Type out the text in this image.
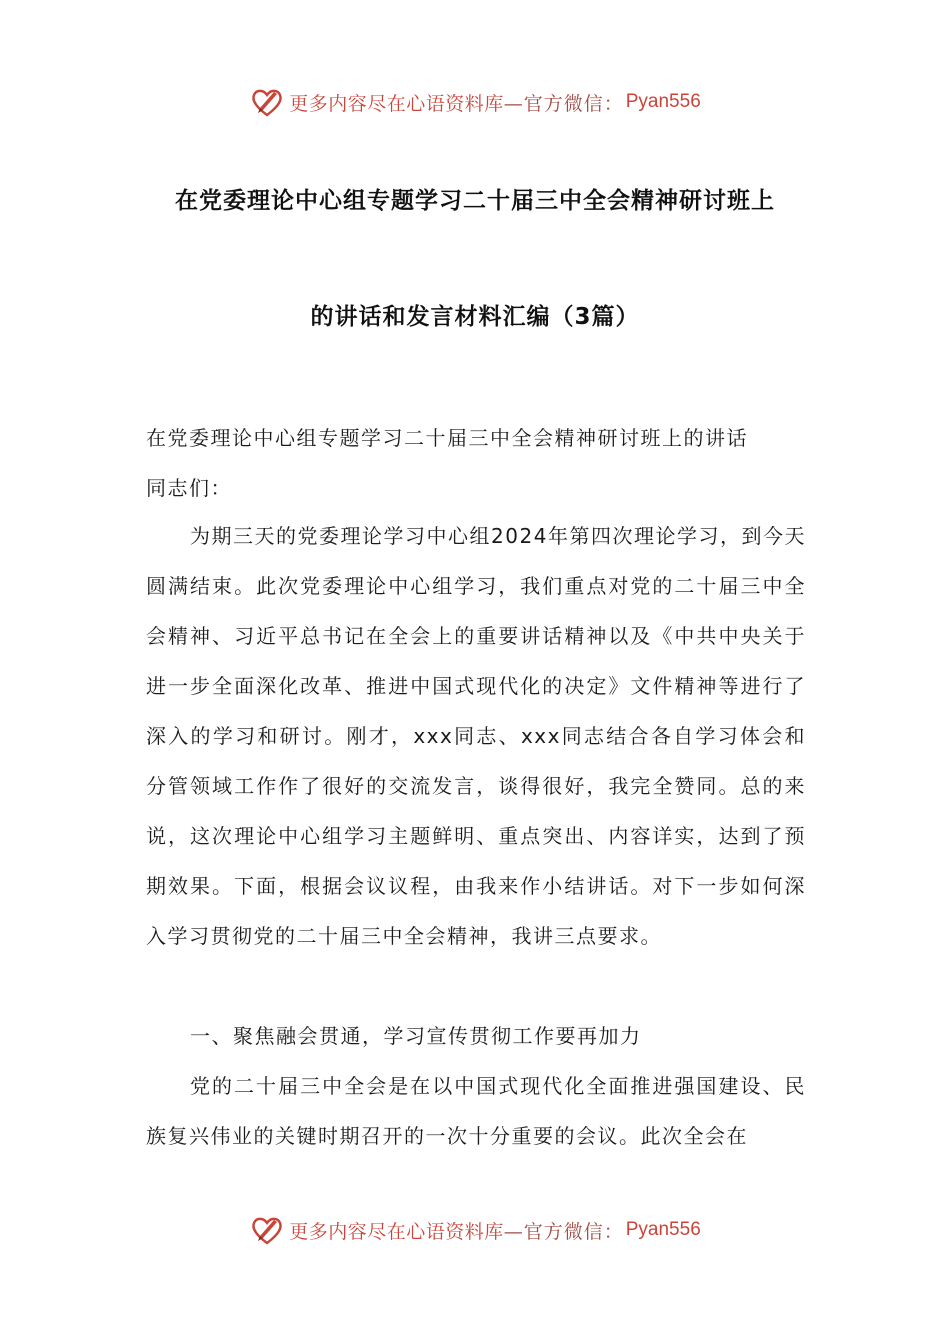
更多内容尽在心语资料库 —官方微信： Pyan556
在党委理论中心组专题学习二十届三中全会精神研讨班上
的讲话和发言材料汇编（3篇）

在党委理论中心组专题学习二十届三中全会精神研讨班上的讲话

同志们：

为期三天的党委理论学习中心组2024年第四次理论学习，到今天圆满结束。此次党委理论中心组学习，我们重点对党的二十届三中全会精神、习近平总书记在全会上的重要讲话精神以及《中共中央关于进一步全面深化改革、推进中国式现代化的决定》文件精神等进行了深入的学习和研讨。刚才，xxx同志、xxx同志结合各自学习体会和分管领域工作作了很好的交流发言，谈得很好，我完全赞同。总的来说，这次理论中心组学习主题鲜明、重点突出、内容详实，达到了预期效果。下面，根据会议议程，由我来作小结讲话。对下一步如何深入学习贯彻党的二十届三中全会精神，我讲三点要求。

一、聚焦融会贯通，学习宣传贯彻工作要再加力

党的二十届三中全会是在以中国式现代化全面推进强国建设、民族复兴伟业的关键时期召开的一次十分重要的会议。此次全会在

更多内容尽在心语资料库 —官方微信： Pyan556
